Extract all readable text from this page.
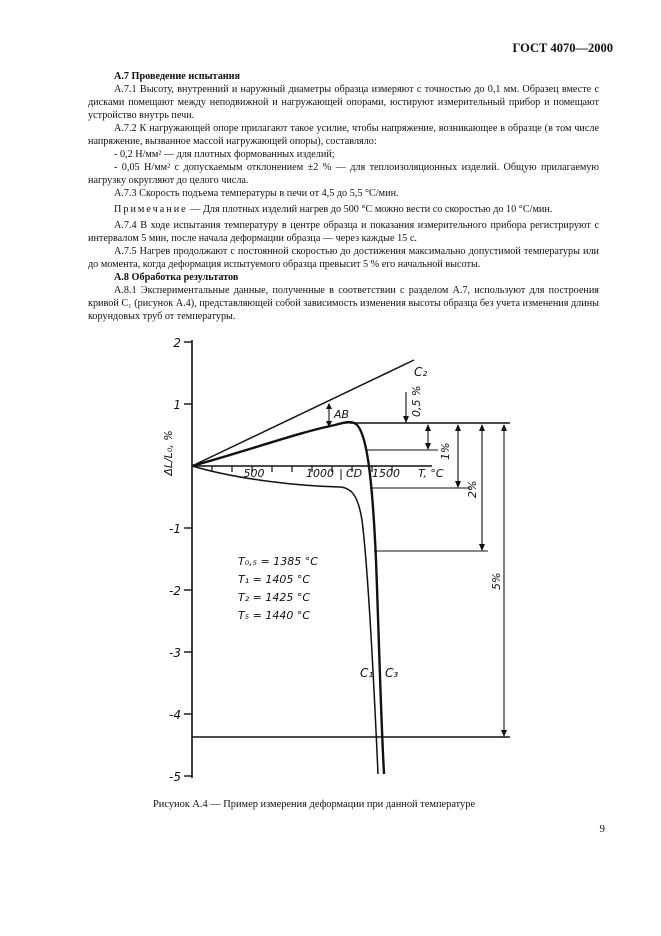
ГОСТ 4070—2000

А.7 Проведение испытания

А.7.1 Высоту, внутренний и наружный диаметры образца измеряют с точностью до 0,1 мм. Образец вместе с дисками помещают между неподвижной и нагружающей опорами, юстируют измерительный прибор и помещают устройство внутрь печи.

А.7.2 К нагружающей опоре прилагают такое усилие, чтобы напряжение, возникающее в образце (в том числе напряжение, вызванное массой нагружающей опоры), составляло:

- 0,2 Н/мм² — для плотных формованных изделий;

- 0,05 Н/мм² с допускаемым отклонением ±2 % — для теплоизоляционных изделий. Общую прилагаемую нагрузку округляют до целого числа.

А.7.3 Скорость подъема температуры в печи от 4,5 до 5,5 °С/мин.

Примечание — Для плотных изделий нагрев до 500 °С можно вести со скоростью до 10 °С/мин.

А.7.4 В ходе испытания температуру в центре образца и показания измерительного прибора регистрируют с интервалом 5 мин, после начала деформации образца — через каждые 15 с.

А.7.5 Нагрев продолжают с постоянной скоростью до достижения максимально допустимой температуры или до момента, когда деформация испытуемого образца превысит 5 % его начальной высоты.

А.8 Обработка результатов

А.8.1 Экспериментальные данные, полученные в соответствии с разделом А.7, используют для построения кривой C₁ (рисунок А.4), представляющей собой зависимость изменения высоты образца без учета изменения длины корундовых труб от температуры.

2
1
-1
-2
-3
-4
-5
500	1000	1500 T, °C
ΔL/L₀, %
AB
CD
0,5 %
1%
2%
5%
C₂
C₁ C₃
T₀,₅ = 1385 °C
T₁ = 1405 °C
T₂ = 1425 °C
T₅ = 1440 °C
Рисунок А.4 — Пример измерения деформации при данной температуре
9
